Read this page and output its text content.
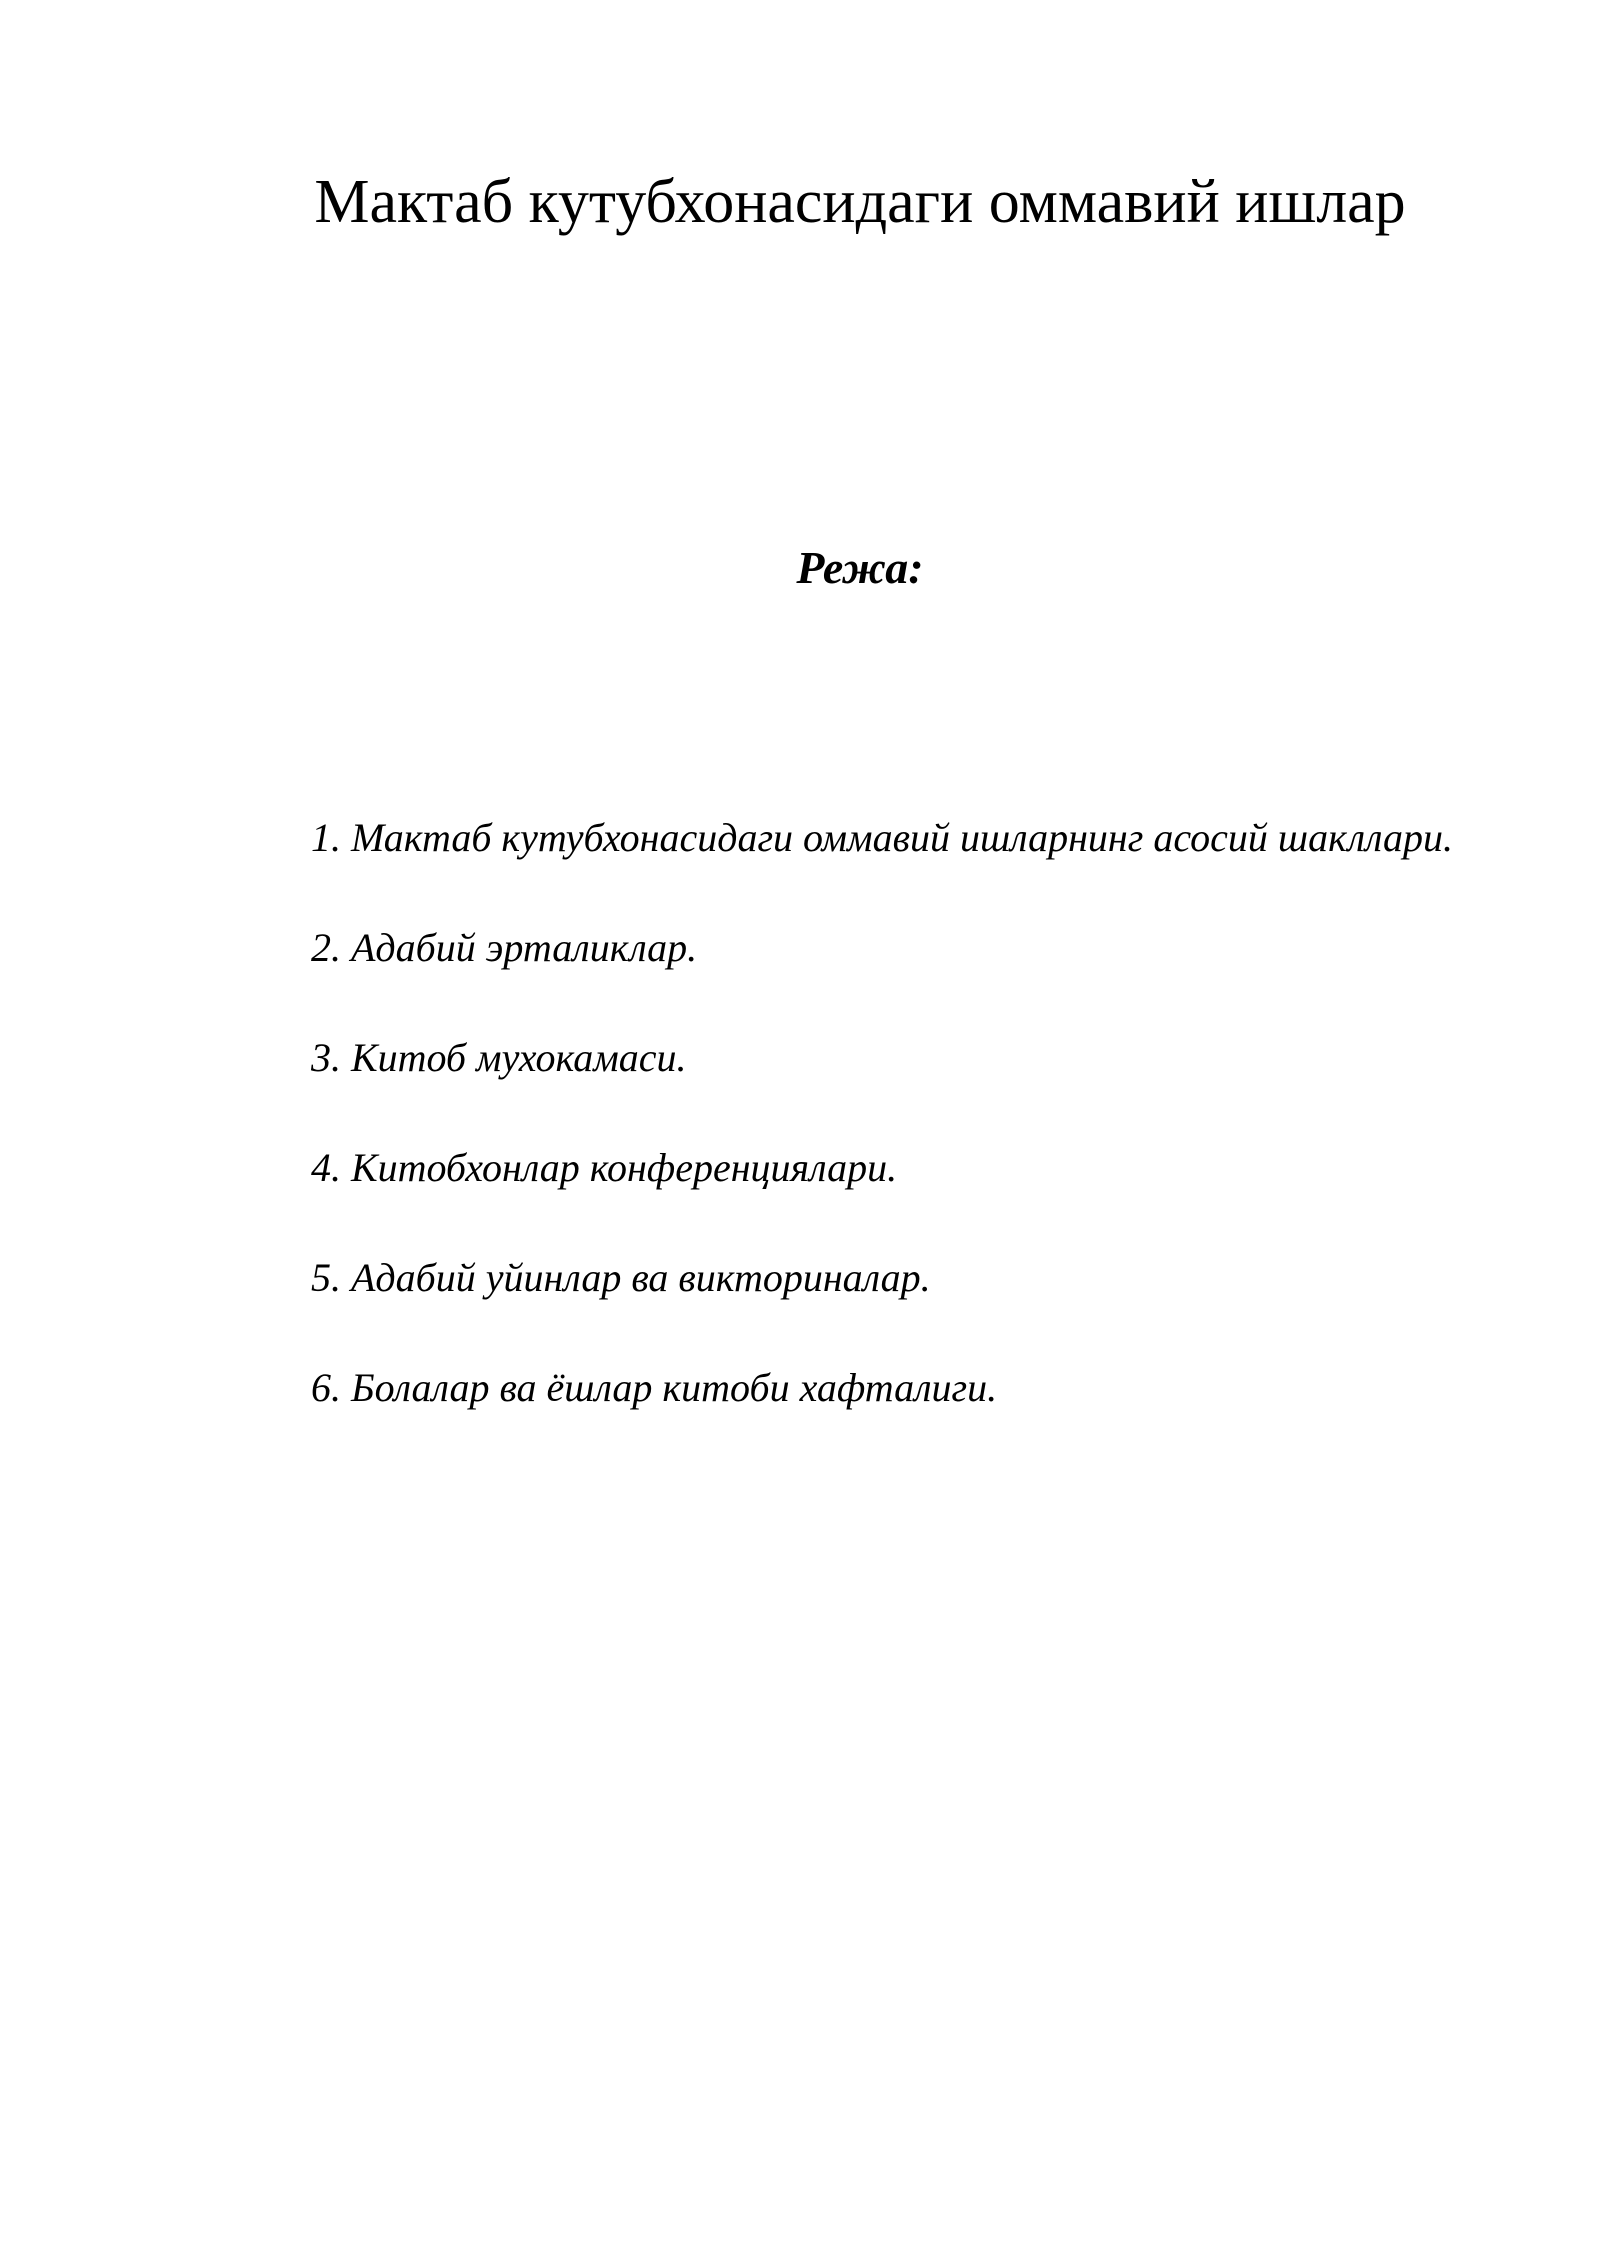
Мактаб кутубхонасидаги оммавий ишлар
Режа:
1. Мактаб кутубхонасидаги оммавий ишларнинг асосий шакллари.
2. Адабий эрталиклар.
3. Китоб мухокамаси.
4. Китобхонлар конференциялари.
5. Адабий уйинлар ва викториналар.
6. Болалар ва ёшлар китоби хафталиги.
